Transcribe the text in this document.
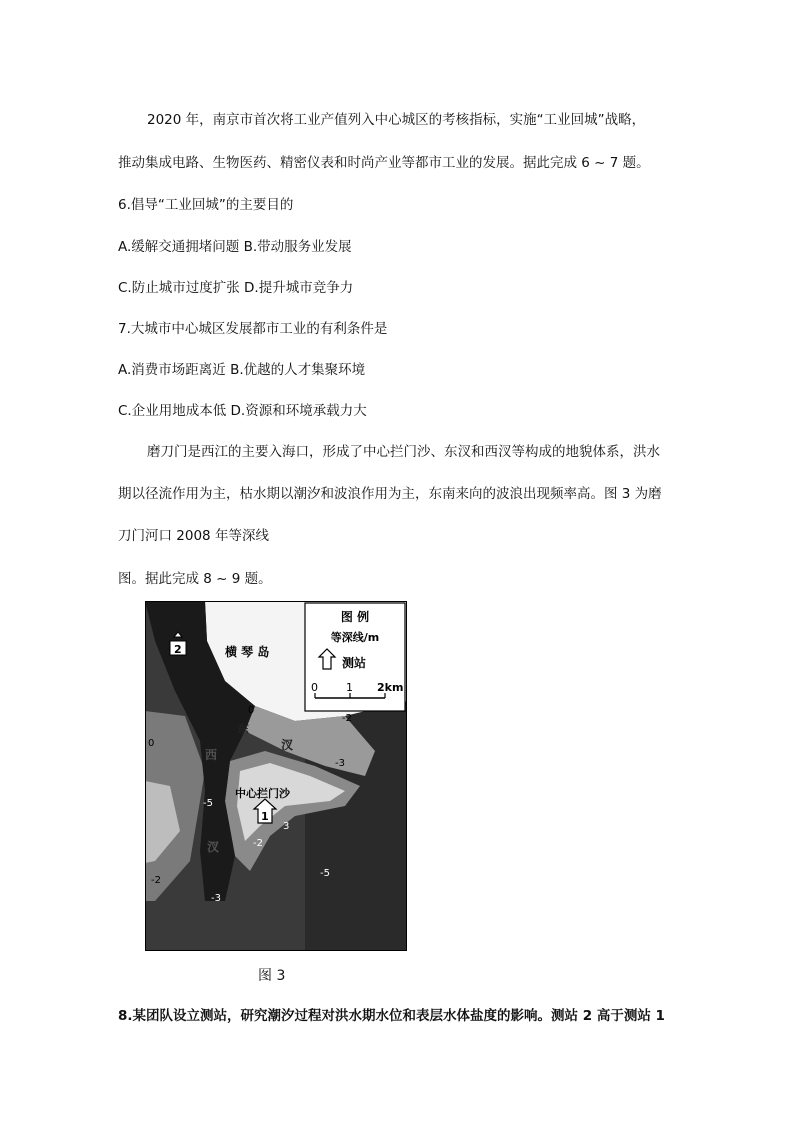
2020 年，南京市首次将工业产值列入中心城区的考核指标，实施“工业回城”战略，
推动集成电路、生物医药、精密仪表和时尚产业等都市工业的发展。据此完成 6 ~ 7 题。
6.倡导“工业回城”的主要目的
A.缓解交通拥堵问题 B.带动服务业发展
C.防止城市过度扩张 D.提升城市竞争力
7.大城市中心城区发展都市工业的有利条件是
A.消费市场距离近 B.优越的人才集聚环境
C.企业用地成本低 D.资源和环境承载力大
磨刀门是西江的主要入海口，形成了中心拦门沙、东汊和西汊等构成的地貌体系，洪水
期以径流作用为主，枯水期以潮汐和波浪作用为主，东南来向的波浪出现频率高。图 3 为磨
刀门河口 2008 年等深线
图。据此完成 8 ~ 9 题。
图 例
等深线/m
测站
0	1 2km
横 琴 岛
2
1
中心拦门沙
东
汊
西
汊
0
0
-2
-3
-5
-2
3
-5
-2
-3
图 3
8.某团队设立测站，研究潮汐过程对洪水期水位和表层水体盐度的影响。测站 2 高于测站 1
